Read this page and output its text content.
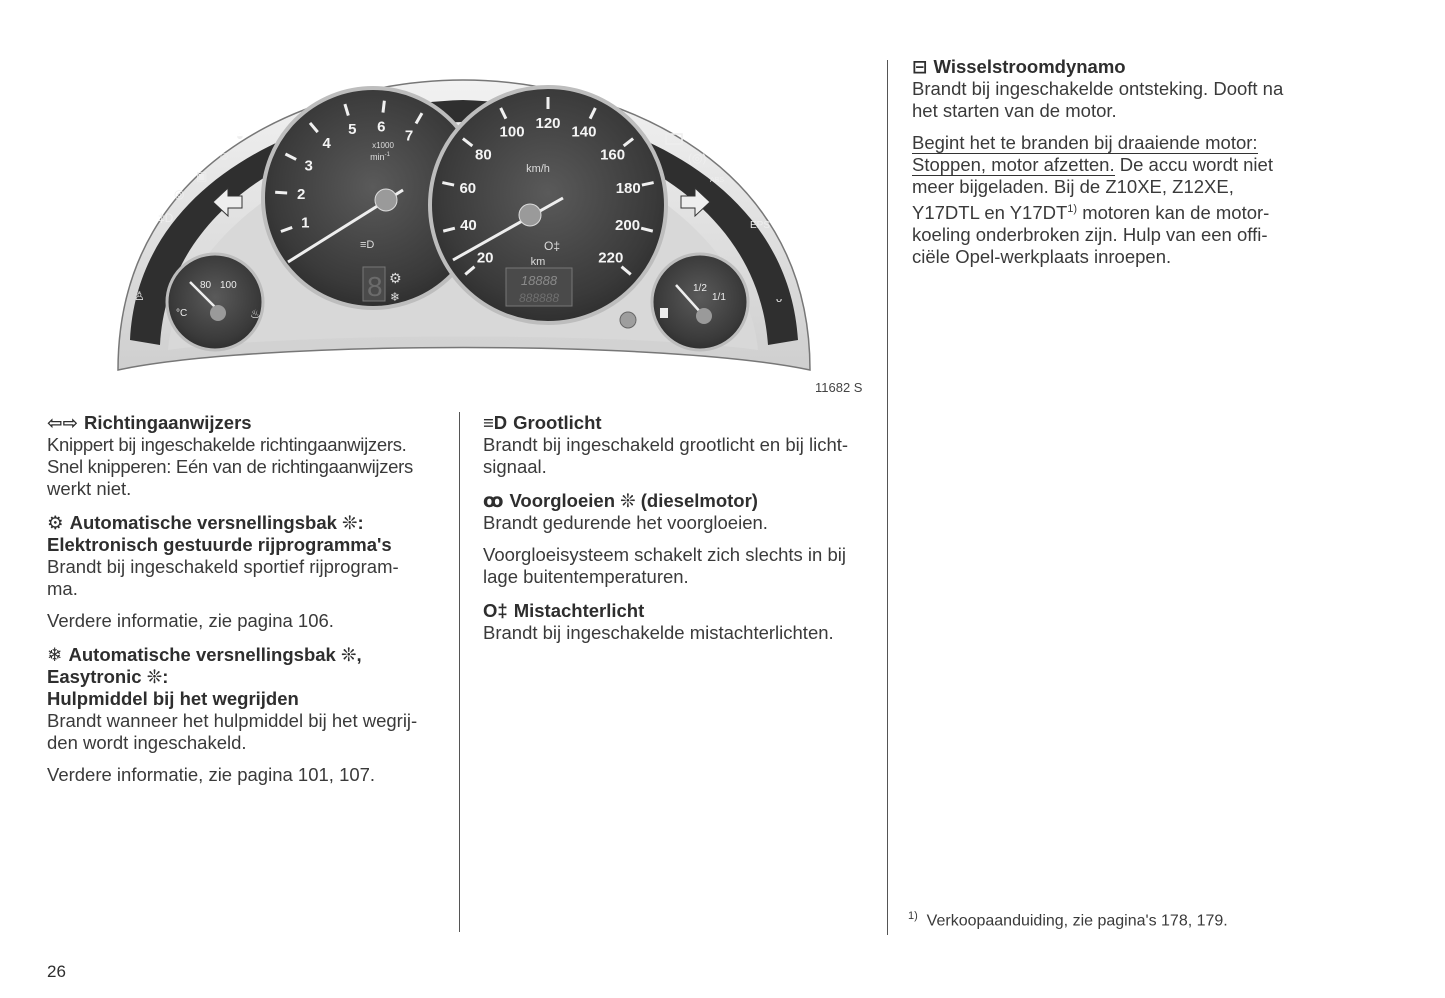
1
2
3
4
5 6
7
x1000
$\min^{-1}$
≡D
8 ⚙
❄
20
40
60
80
100 120 140
160
180
200
220
km/h
O‡
km
18888
888888
80 100
°C	♨
1/2
1/1
◒
☺
▣
◎
‡D
♙
(◎)
ABS
EPS
ᴗ
11682 S

⇦⇨ Richtingaanwijzers

Knippert bij ingeschakelde richtingaanwijzers.

Snel knipperen: Eén van de richtingaanwijzers

werkt niet.

⚙ Automatische versnellingsbak ❊:

Elektronisch gestuurde rijprogramma's

Brandt bij ingeschakeld sportief rijprogram-

ma.

Verdere informatie, zie pagina 106.

❄ Automatische versnellingsbak ❊,

Easytronic ❊:

Hulpmiddel bij het wegrijden

Brandt wanneer het hulpmiddel bij het wegrij-

den wordt ingeschakeld.

Verdere informatie, zie pagina 101, 107.

≡D Grootlicht

Brandt bij ingeschakeld grootlicht en bij licht-

signaal.

ꝏ Voorgloeien ❊ (dieselmotor)

Brandt gedurende het voorgloeien.

Voorgloeisysteem schakelt zich slechts in bij

lage buitentemperaturen.

O‡ Mistachterlicht

Brandt bij ingeschakelde mistachterlichten.

⊟ Wisselstroomdynamo

Brandt bij ingeschakelde ontsteking. Dooft na

het starten van de motor.

Begint het te branden bij draaiende motor:

Stoppen, motor afzetten. De accu wordt niet

meer bijgeladen. Bij de Z10XE, Z12XE,

Y17DTL en Y17DT$^{1)}$ motoren kan de motor-

koeling onderbroken zijn. Hulp van een offi-

ciële Opel-werkplaats inroepen.

$^{1)}$ Verkoopaanduiding, zie pagina's 178, 179.
26
